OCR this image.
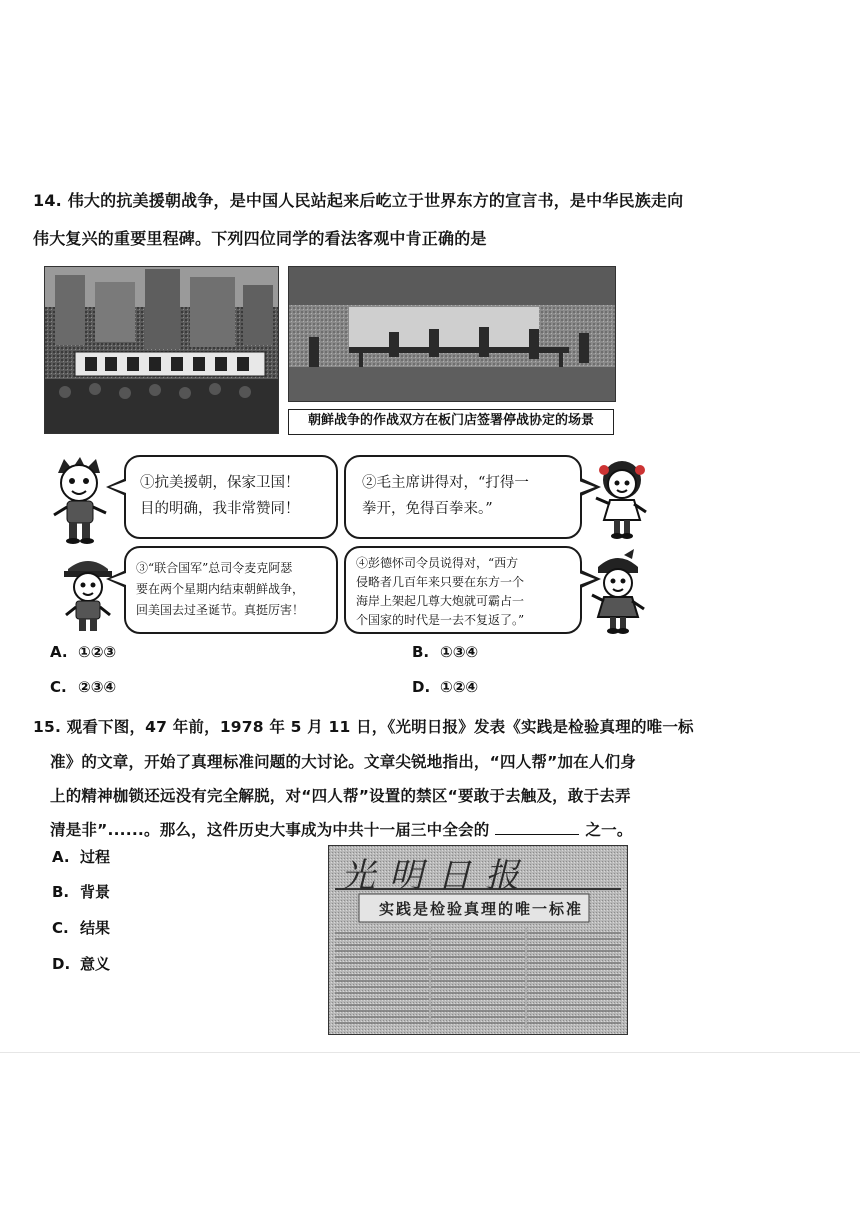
14. 伟大的抗美援朝战争，是中国人民站起来后屹立于世界东方的宣言书，是中华民族走向
伟大复兴的重要里程碑。下列四位同学的看法客观中肯正确的是
朝鲜战争的作战双方在板门店签署停战协定的场景
①抗美援朝，保家卫国！
目的明确，我非常赞同！
②毛主席讲得对，“打得一
拳开，免得百拳来。”
③“联合国军”总司令麦克阿瑟
要在两个星期内结束朝鲜战争，
回美国去过圣诞节。真挺厉害！
④彭德怀司令员说得对，“西方
侵略者几百年来只要在东方一个
海岸上架起几尊大炮就可霸占一
个国家的时代是一去不复返了。”
A. ①②③	B. ①③④
C. ②③④	D. ①②④
15. 观看下图，47 年前，1978 年 5 月 11 日，《光明日报》发表《实践是检验真理的唯一标
准》的文章，开始了真理标准问题的大讨论。文章尖锐地指出，“四人帮”加在人们身
上的精神枷锁还远没有完全解脱，对“四人帮”设置的禁区“要敢于去触及，敢于去弄
清是非”......。那么，这件历史大事成为中共十一届三中全会的	之一。
A. 过程
B. 背景
C. 结果
D. 意义
光明日报
实践是检验真理的唯一标准
